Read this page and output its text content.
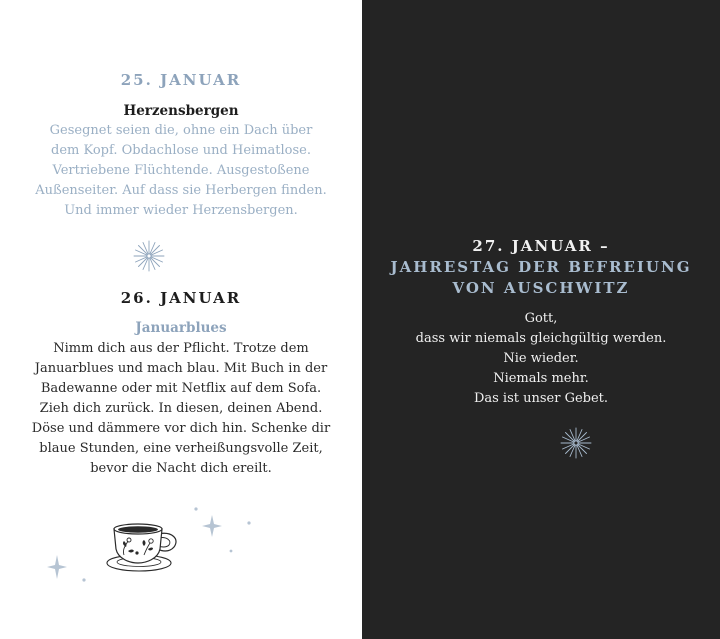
25. JANUAR
Herzensbergen
Gesegnet seien die, ohne ein Dach über
dem Kopf. Obdachlose und Heimatlose.
Vertriebene Flüchtende. Ausgestoßene
Außenseiter. Auf dass sie Herbergen finden.
Und immer wieder Herzensbergen.
26. JANUAR
Januarblues
Nimm dich aus der Pflicht. Trotze dem
Januarblues und mach blau. Mit Buch in der
Badewanne oder mit Netflix auf dem Sofa.
Zieh dich zurück. In diesen, deinen Abend.
Döse und dämmere vor dich hin. Schenke dir
blaue Stunden, eine verheißungsvolle Zeit,
bevor die Nacht dich ereilt.
27. JANUAR –
JAHRESTAG DER BEFREIUNG
VON AUSCHWITZ
Gott,
dass wir niemals gleichgültig werden.
Nie wieder.
Niemals mehr.
Das ist unser Gebet.
